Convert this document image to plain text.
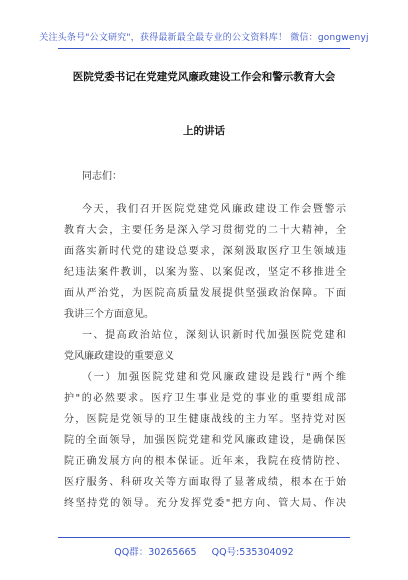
关注头条号"公文研究"，获得最新最全最专业的公文资料库！ 微信：gongwenyj
医院党委书记在党建党风廉政建设工作会和警示教育大会
上的讲话
同志们：
今天，我们召开医院党建党风廉政建设工作会暨警示
教育大会，主要任务是深入学习贯彻党的二十大精神，全
面落实新时代党的建设总要求，深刻汲取医疗卫生领域违
纪违法案件教训，以案为鉴、以案促改，坚定不移推进全
面从严治党，为医院高质量发展提供坚强政治保障。下面
我讲三个方面意见。
一、提高政治站位，深刻认识新时代加强医院党建和
党风廉政建设的重要意义
（一）加强医院党建和党风廉政建设是践行"两个维
护"的必然要求。医疗卫生事业是党的事业的重要组成部
分，医院是党领导的卫生健康战线的主力军。坚持党对医
院的全面领导，加强医院党建和党风廉政建设，是确保医
院正确发展方向的根本保证。近年来，我院在疫情防控、
医疗服务、科研攻关等方面取得了显著成绩，根本在于始
终坚持党的领导。充分发挥党委"把方向、管大局、作决
QQ群：30265665 QQ号:535304092
